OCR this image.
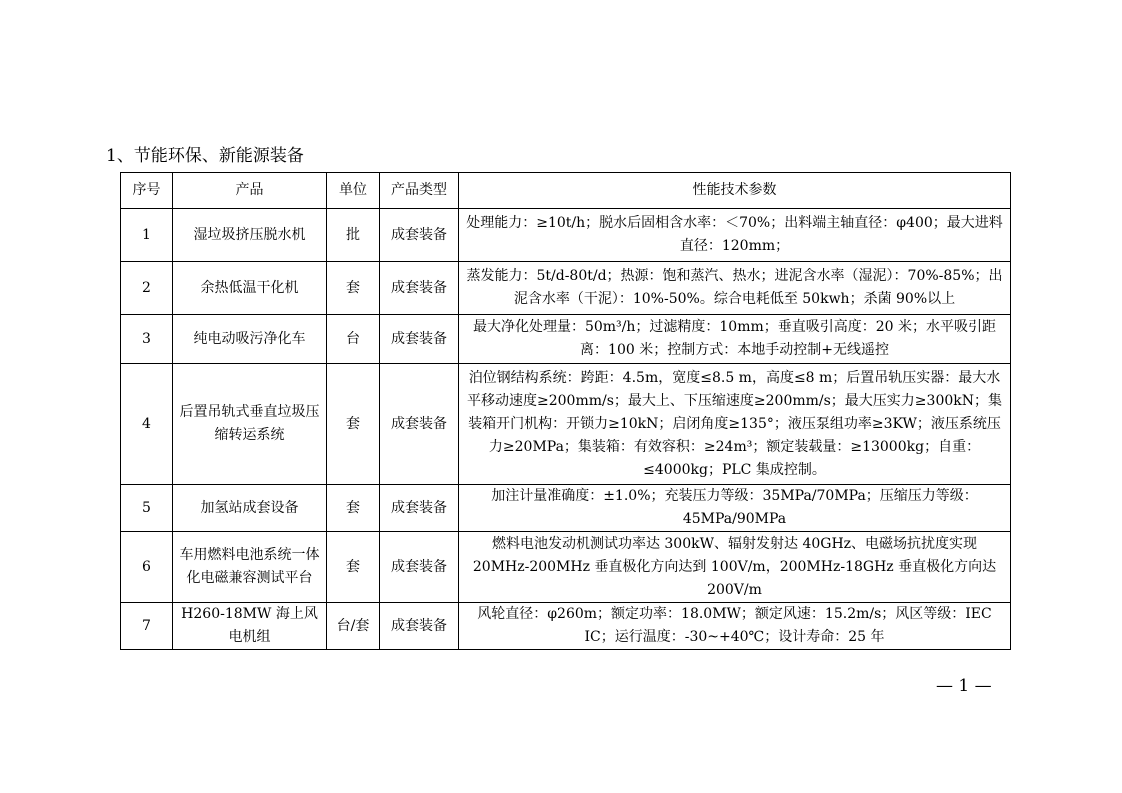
1、节能环保、新能源装备
序号	产品	单位	产品类型	性能技术参数
1	湿垃圾挤压脱水机	批	成套装备	处理能力：≥10t/h；脱水后固相含水率：＜70%；出料端主轴直径：φ400；最大进料直径：120mm；
2	余热低温干化机	套	成套装备	蒸发能力：5t/d-80t/d；热源：饱和蒸汽、热水；进泥含水率（湿泥）：70%-85%；出泥含水率（干泥）：10%-50%。综合电耗低至 50kwh；杀菌 90%以上
3	纯电动吸污净化车	台	成套装备	最大净化处理量：50m³/h；过滤精度：10mm；垂直吸引高度：20 米；水平吸引距离：100 米；控制方式：本地手动控制+无线遥控
4	后置吊轨式垂直垃圾压缩转运系统	套	成套装备	泊位钢结构系统：跨距：4.5m，宽度≤8.5 m，高度≤8 m；后置吊轨压实器：最大水平移动速度≥200mm/s；最大上、下压缩速度≥200mm/s；最大压实力≥300kN；集装箱开门机构：开锁力≥10kN；启闭角度≥135°；液压泵组功率≥3KW；液压系统压力≥20MPa；集装箱：有效容积：≥24m³；额定装载量：≥13000kg；自重：≤4000kg；PLC 集成控制。
5	加氢站成套设备	套	成套装备	加注计量准确度：±1.0%；充装压力等级：35MPa/70MPa；压缩压力等级：45MPa/90MPa
6	车用燃料电池系统一体化电磁兼容测试平台	套	成套装备	燃料电池发动机测试功率达 300kW、辐射发射达 40GHz、电磁场抗扰度实现20MHz-200MHz 垂直极化方向达到 100V/m，200MHz-18GHz 垂直极化方向达200V/m
7	H260-18MW 海上风电机组	台/套	成套装备	风轮直径：φ260m；额定功率：18.0MW；额定风速：15.2m/s；风区等级：IEC ⅠC；运行温度：-30~+40℃；设计寿命：25 年
— 1 —
